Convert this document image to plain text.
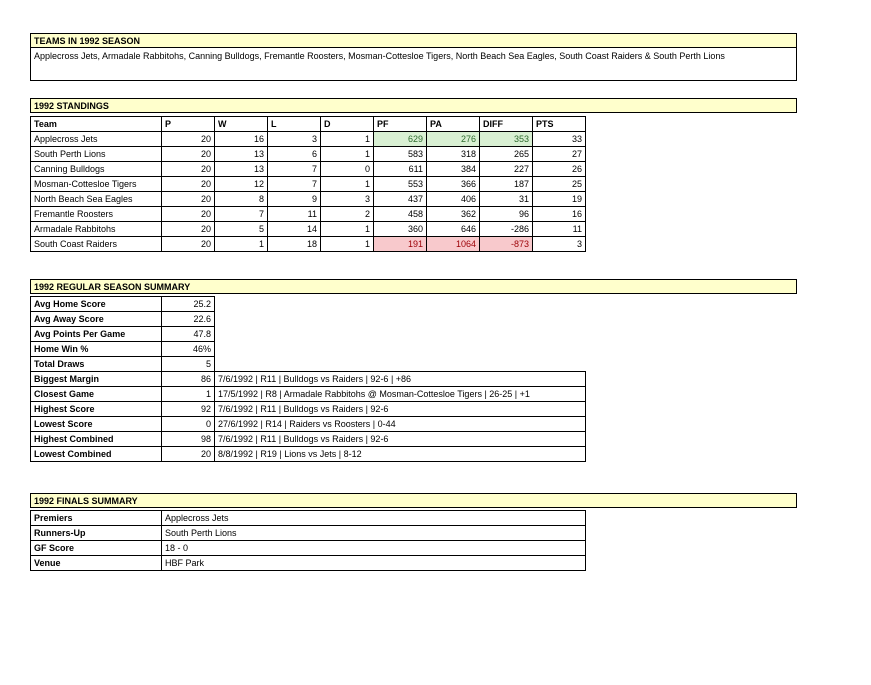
TEAMS IN 1992 SEASON
Applecross Jets, Armadale Rabbitohs, Canning Bulldogs, Fremantle Roosters, Mosman-Cottesloe Tigers, North Beach Sea Eagles, South Coast Raiders & South Perth Lions
1992 STANDINGS
Team	P	W	L	D	PF	PA	DIFF	PTS
Applecross Jets	20	16	3	1	629	276	353	33
South Perth Lions	20	13	6	1	583	318	265	27
Canning Bulldogs	20	13	7	0	611	384	227	26
Mosman-Cottesloe Tigers	20	12	7	1	553	366	187	25
North Beach Sea Eagles	20	8	9	3	437	406	31	19
Fremantle Roosters	20	7	11	2	458	362	96	16
Armadale Rabbitohs	20	5	14	1	360	646	-286	11
South Coast Raiders	20	1	18	1	191	1064	-873	3
1992 REGULAR SEASON SUMMARY
Avg Home Score	25.2	
Avg Away Score	22.6	
Avg Points Per Game	47.8	
Home Win %	46%	
Total Draws	5	
Biggest Margin	86	7/6/1992 | R11 | Bulldogs vs Raiders | 92-6 | +86
Closest Game	1	17/5/1992 | R8 | Armadale Rabbitohs @ Mosman-Cottesloe Tigers | 26-25 | +1
Highest Score	92	7/6/1992 | R11 | Bulldogs vs Raiders | 92-6
Lowest Score	0	27/6/1992 | R14 | Raiders vs Roosters | 0-44
Highest Combined	98	7/6/1992 | R11 | Bulldogs vs Raiders | 92-6
Lowest Combined	20	8/8/1992 | R19 | Lions vs Jets | 8-12
1992 FINALS SUMMARY
Premiers	Applecross Jets
Runners-Up	South Perth Lions
GF Score	18 - 0
Venue	HBF Park
